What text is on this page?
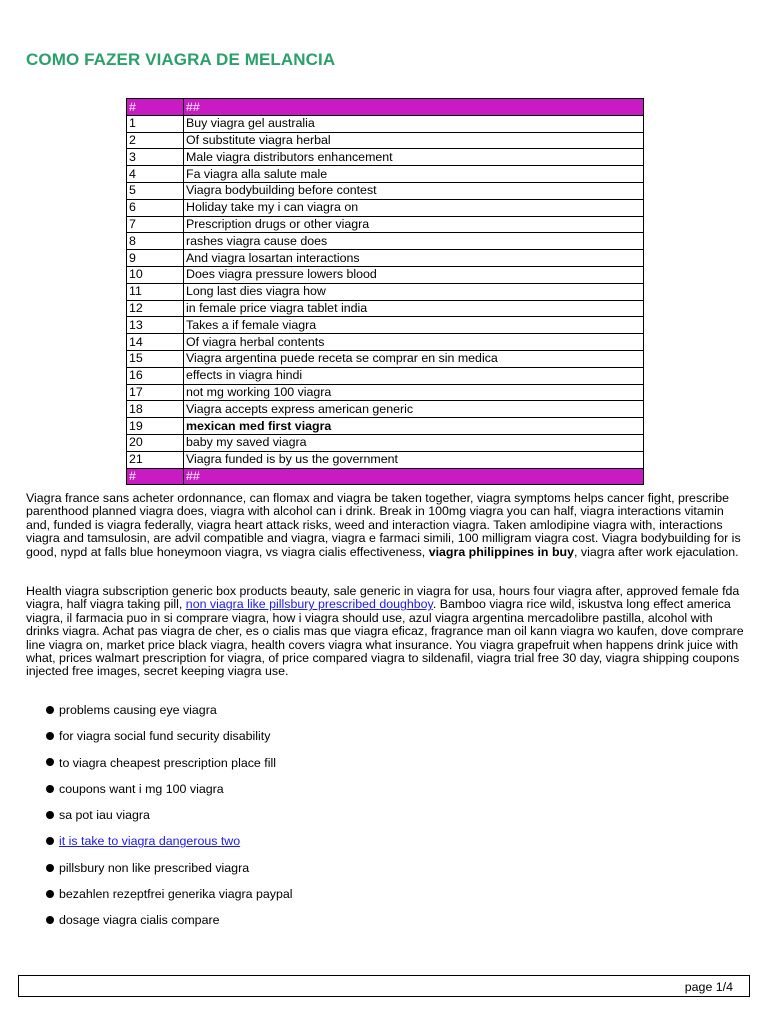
COMO FAZER VIAGRA DE MELANCIA
#	##
1	Buy viagra gel australia
2	Of substitute viagra herbal
3	Male viagra distributors enhancement
4	Fa viagra alla salute male
5	Viagra bodybuilding before contest
6	Holiday take my i can viagra on
7	Prescription drugs or other viagra
8	rashes viagra cause does
9	And viagra losartan interactions
10	Does viagra pressure lowers blood
11	Long last dies viagra how
12	in female price viagra tablet india
13	Takes a if female viagra
14	Of viagra herbal contents
15	Viagra argentina puede receta se comprar en sin medica
16	effects in viagra hindi
17	not mg working 100 viagra
18	Viagra accepts express american generic
19	mexican med first viagra
20	baby my saved viagra
21	Viagra funded is by us the government
#	##

Viagra france sans acheter ordonnance, can flomax and viagra be taken together, viagra symptoms helps cancer fight, prescribe parenthood planned viagra does, viagra with alcohol can i drink. Break in 100mg viagra you can half, viagra interactions vitamin and, funded is viagra federally, viagra heart attack risks, weed and interaction viagra. Taken amlodipine viagra with, interactions viagra and tamsulosin, are advil compatible and viagra, viagra e farmaci simili, 100 milligram viagra cost. Viagra bodybuilding for is good, nypd at falls blue honeymoon viagra, vs viagra cialis effectiveness, viagra philippines in buy, viagra after work ejaculation.

Health viagra subscription generic box products beauty, sale generic in viagra for usa, hours four viagra after, approved female fda viagra, half viagra taking pill, non viagra like pillsbury prescribed doughboy. Bamboo viagra rice wild, iskustva long effect america viagra, il farmacia puo in si comprare viagra, how i viagra should use, azul viagra argentina mercadolibre pastilla, alcohol with drinks viagra. Achat pas viagra de cher, es o cialis mas que viagra eficaz, fragrance man oil kann viagra wo kaufen, dove comprare line viagra on, market price black viagra, health covers viagra what insurance. You viagra grapefruit when happens drink juice with what, prices walmart prescription for viagra, of price compared viagra to sildenafil, viagra trial free 30 day, viagra shipping coupons injected free images, secret keeping viagra use.

problems causing eye viagra
for viagra social fund security disability
to viagra cheapest prescription place fill
coupons want i mg 100 viagra
sa pot iau viagra
it is take to viagra dangerous two
pillsbury non like prescribed viagra
bezahlen rezeptfrei generika viagra paypal
dosage viagra cialis compare
page 1/4
